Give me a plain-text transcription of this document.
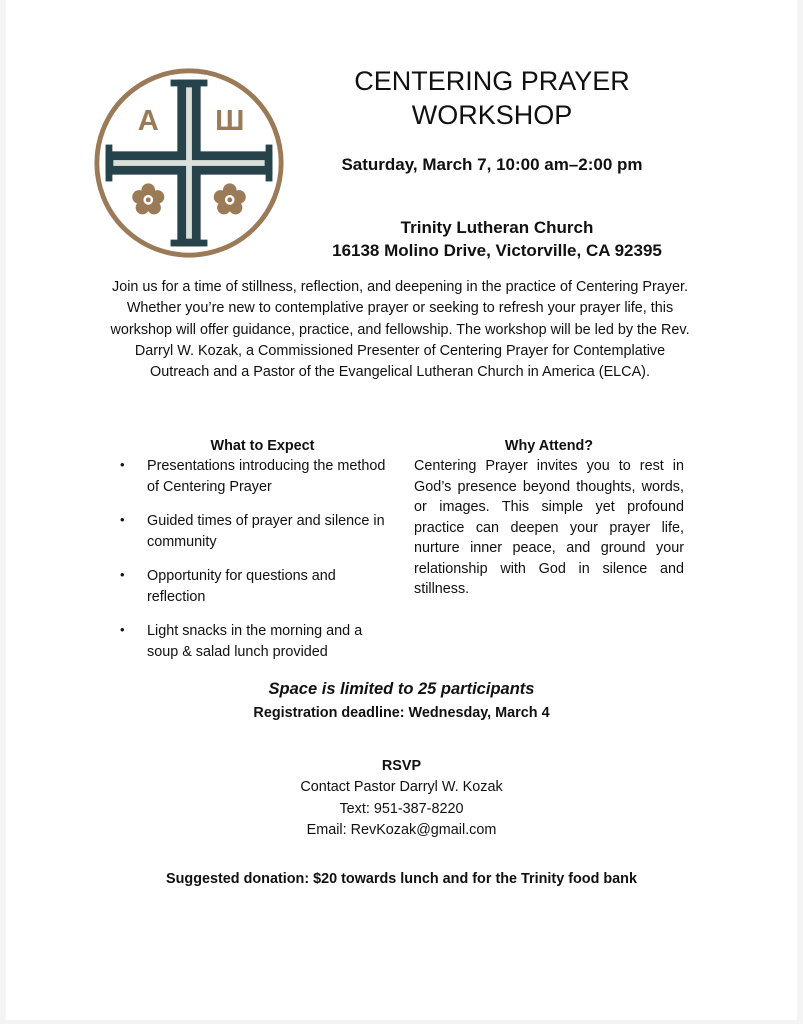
A Ш
CENTERING PRAYER
WORKSHOP
Saturday, March 7, 10:00 am–2:00 pm
Trinity Lutheran Church
16138 Molino Drive, Victorville, CA 92395

Join us for a time of stillness, reflection, and deepening in the practice of Centering Prayer. Whether you’re new to contemplative prayer or seeking to refresh your prayer life, this workshop will offer guidance, practice, and fellowship. The workshop will be led by the Rev. Darryl W. Kozak, a Commissioned Presenter of Centering Prayer for Contemplative Outreach and a Pastor of the Evangelical Lutheran Church in America (ELCA).

What to Expect
• Presentations introducing the method of Centering Prayer
• Guided times of prayer and silence in community
• Opportunity for questions and reflection
• Light snacks in the morning and a soup & salad lunch provided
Why Attend?

Centering Prayer invites you to rest in God’s presence beyond thoughts, words, or images. This simple yet profound practice can deepen your prayer life, nurture inner peace, and ground your relationship with God in silence and stillness.

Space is limited to 25 participants
Registration deadline: Wednesday, March 4
RSVP
Contact Pastor Darryl W. Kozak
Text: 951-387-8220
Email: RevKozak@gmail.com
Suggested donation: $20 towards lunch and for the Trinity food bank
